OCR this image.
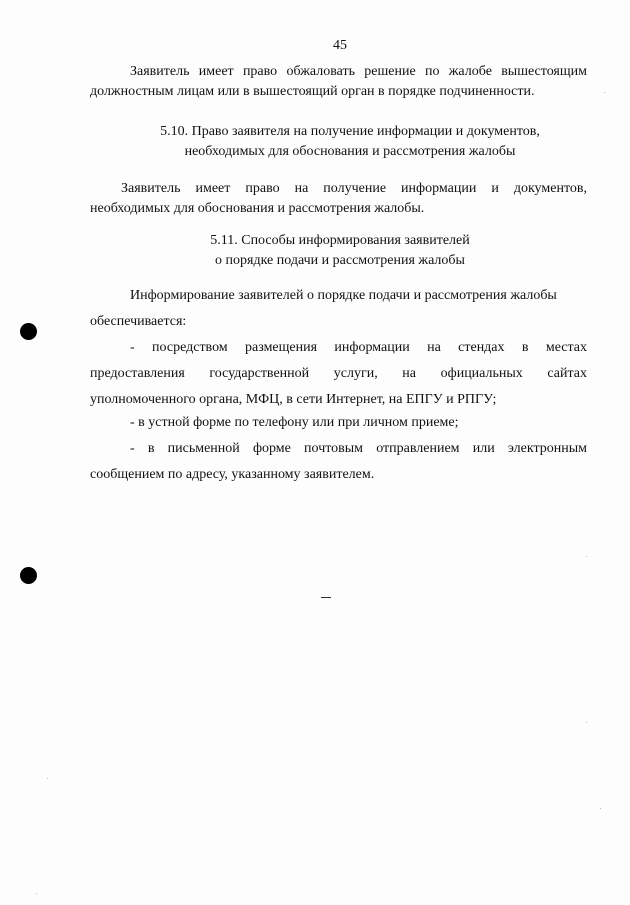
45
Заявитель имеет право обжаловать решение по жалобе вышестоящим
должностным лицам или в вышестоящий орган в порядке подчиненности.
5.10. Право заявителя на получение информации и документов,
необходимых для обоснования и рассмотрения жалобы
Заявитель имеет право на получение информации и документов,
необходимых для обоснования и рассмотрения жалобы.
5.11. Способы информирования заявителей
о порядке подачи и рассмотрения жалобы
Информирование заявителей о порядке подачи и рассмотрения жалобы
обеспечивается:
- посредством размещения информации на стендах в местах
предоставления государственной услуги, на официальных сайтах
уполномоченного органа, МФЦ, в сети Интернет, на ЕПГУ и РПГУ;
- в устной форме по телефону или при личном приеме;
- в письменной форме почтовым отправлением или электронным
сообщением по адресу, указанному заявителем.
